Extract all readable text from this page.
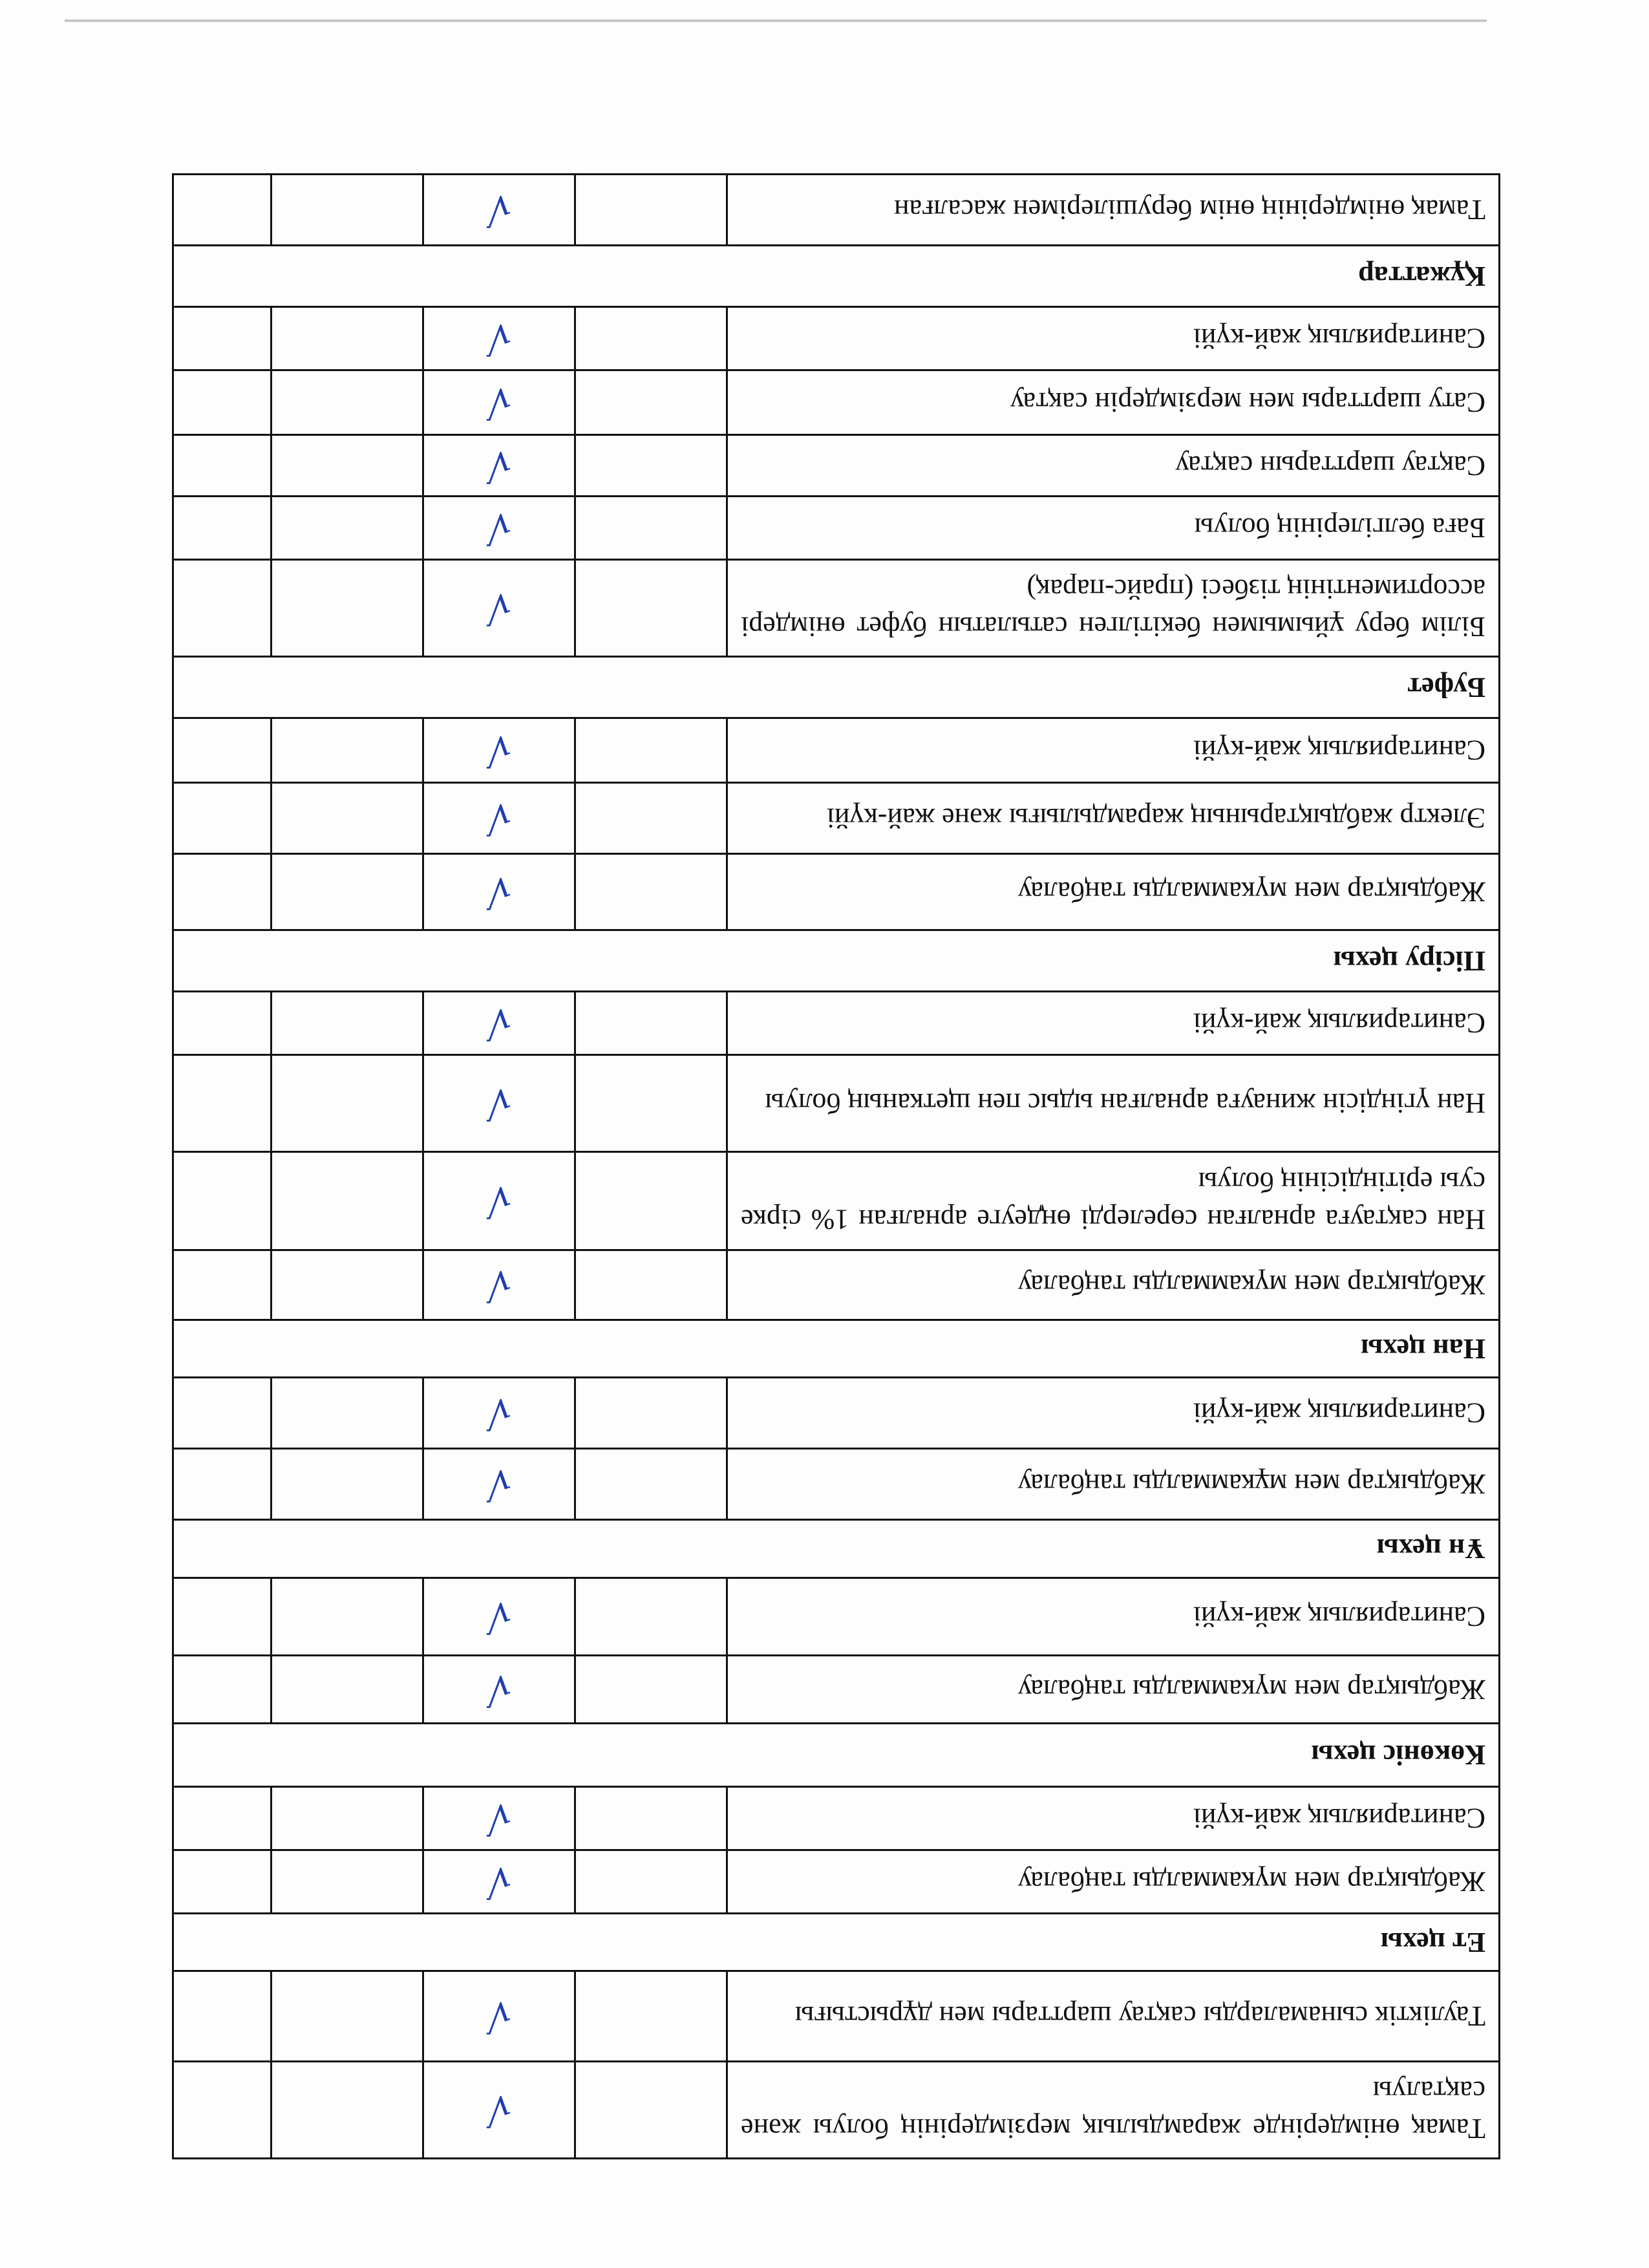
Тамақ өнімдерінде жарамдылық мерзімдерінің болуы және сақталуы		√		

Тауліктік сынамаларды сақтау шарттары мен дұрыстығы		√		

Ет цехы				
Жабдықтар мен мүкаммалды таңбалау		√		

Санитариялық жай-күйі		√		

Көкөніс цехы				
Жабдықтар мен мүкаммалды таңбалау		√		

Санитариялық жай-күйі		√		

Ұн цехы				
Жабдықтар мен мұкаммалды таңбалау		√		

Санитариялық жай-күйі		√		

Нан цехы				
Жабдықтар мен мүкаммалды таңбалау		√		

Нан сақтауға арналған сөрелерді өңдеуге арналған 1% сірке суы ерітіндісінің болуы		√		

Нан үгіндісін жинауға арналған ыдыс пен щетканың болуы		√		

Санитариялық жай-күйі		√		

Пісіру цехы				
Жабдықтар мен мүкаммалды таңбалау		√		

Электр жабдықтарының жарамдылығы және жай-күйі		√		

Санитариялық жай-күйі		√		

Буфет				
Білім беру ұйымымен бекітілген сатылатын буфет өнімдері ассортиментінің тізбесі (прайс-парақ)		√		

Баға белгілерінің болуы		√		

Сақтау шарттарын сақтау		√		

Сату шарттары мен мерзімдерін сақтау		√		

Санитариялық жай-күйі		√		

Құжаттар				
Тамақ өнімдерінің өнім берушілерімен жасалған		√		
